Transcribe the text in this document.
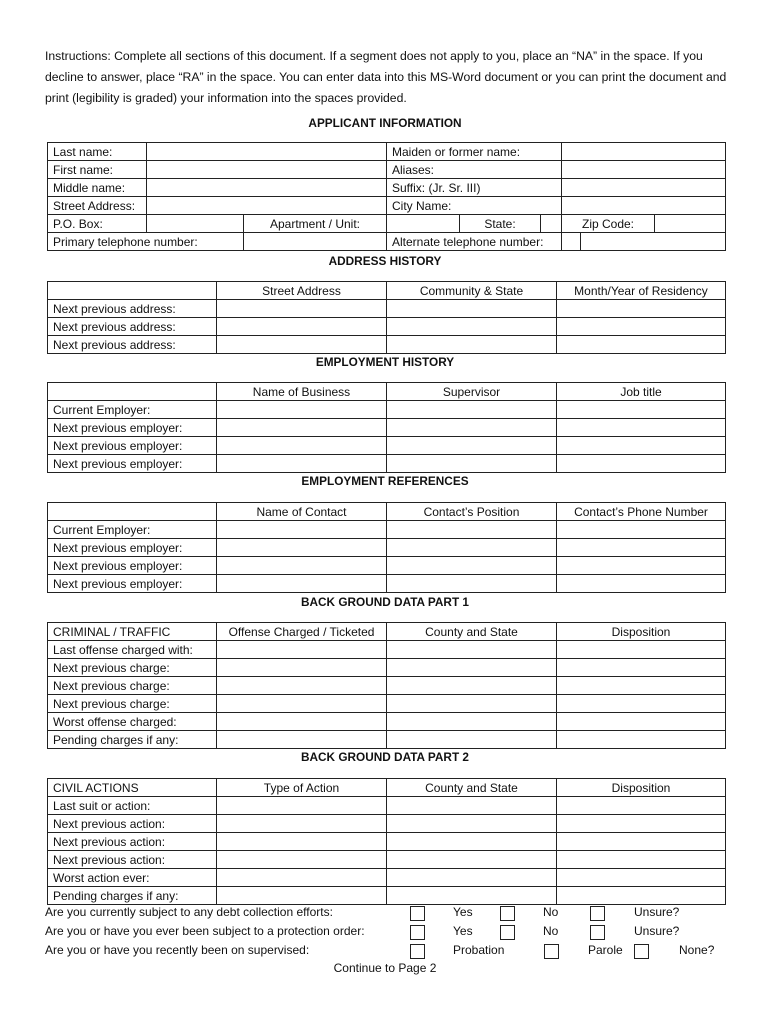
Instructions: Complete all sections of this document. If a segment does not apply to you, place an “NA” in the space. If you decline to answer, place “RA” in the space. You can enter data into this MS-Word document or you can print the document and print (legibility is graded) your information into the spaces provided.
APPLICANT INFORMATION
Last name:		Maiden or former name:	
First name:		Aliases:	
Middle name:		Suffix: (Jr. Sr. III)	
Street Address:		City Name:	
P.O. Box:		Apartment / Unit:		State:			Zip Code:	

Primary telephone number:		Alternate telephone number:	

ADDRESS HISTORY
	Street Address	Community & State	Month/Year of Residency
Next previous address:			
Next previous address:			
Next previous address:			
EMPLOYMENT HISTORY
	Name of Business	Supervisor	Job title
Current Employer:			
Next previous employer:			
Next previous employer:			
Next previous employer:			
EMPLOYMENT REFERENCES
	Name of Contact	Contact’s Position	Contact’s Phone Number
Current Employer:			
Next previous employer:			
Next previous employer:			
Next previous employer:			
BACK GROUND DATA PART 1
CRIMINAL / TRAFFIC	Offense Charged / Ticketed	County and State	Disposition
Last offense charged with:			
Next previous charge:			
Next previous charge:			
Next previous charge:			
Worst offense charged:			
Pending charges if any:			
BACK GROUND DATA PART 2
CIVIL ACTIONS	Type of Action	County and State	Disposition
Last suit or action:			
Next previous action:			
Next previous action:			
Next previous action:			
Worst action ever:			
Pending charges if any:			
Are you currently subject to any debt collection efforts:	Yes	No	Unsure?
Are you or have you ever been subject to a protection order:	Yes	No	Unsure?
Are you or have you recently been on supervised:	Probation	Parole	None?
Continue to Page 2
